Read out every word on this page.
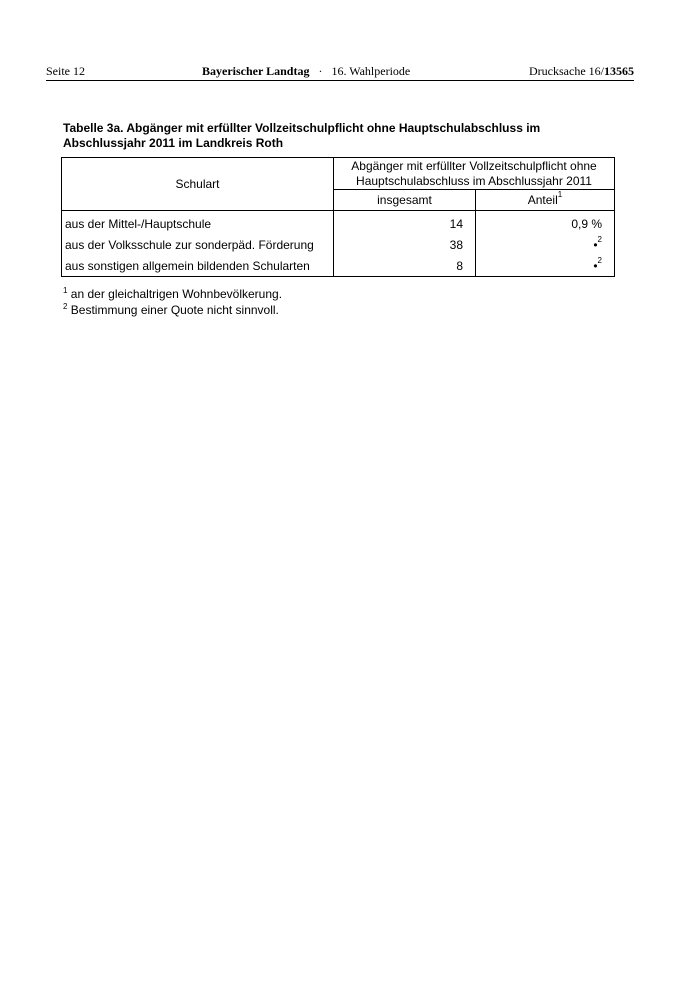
Seite 12	Bayerischer Landtag · 16. Wahlperiode	Drucksache 16/13565
Tabelle 3a. Abgänger mit erfüllter Vollzeitschulpflicht ohne Hauptschulabschluss im
Abschlussjahr 2011 im Landkreis Roth
Schulart	Abgänger mit erfüllter Vollzeitschulpflicht ohne
Hauptschulabschluss im Abschlussjahr 2011	

	insgesamt	Anteil$^1$
aus der Mittel-/Hauptschule	14	0,9 %
aus der Volksschule zur sonderpäd. Förderung	38	•$^2$
aus sonstigen allgemein bildenden Schularten	8	•$^2$

$^1$ an der gleichaltrigen Wohnbevölkerung.

$^2$ Bestimmung einer Quote nicht sinnvoll.
